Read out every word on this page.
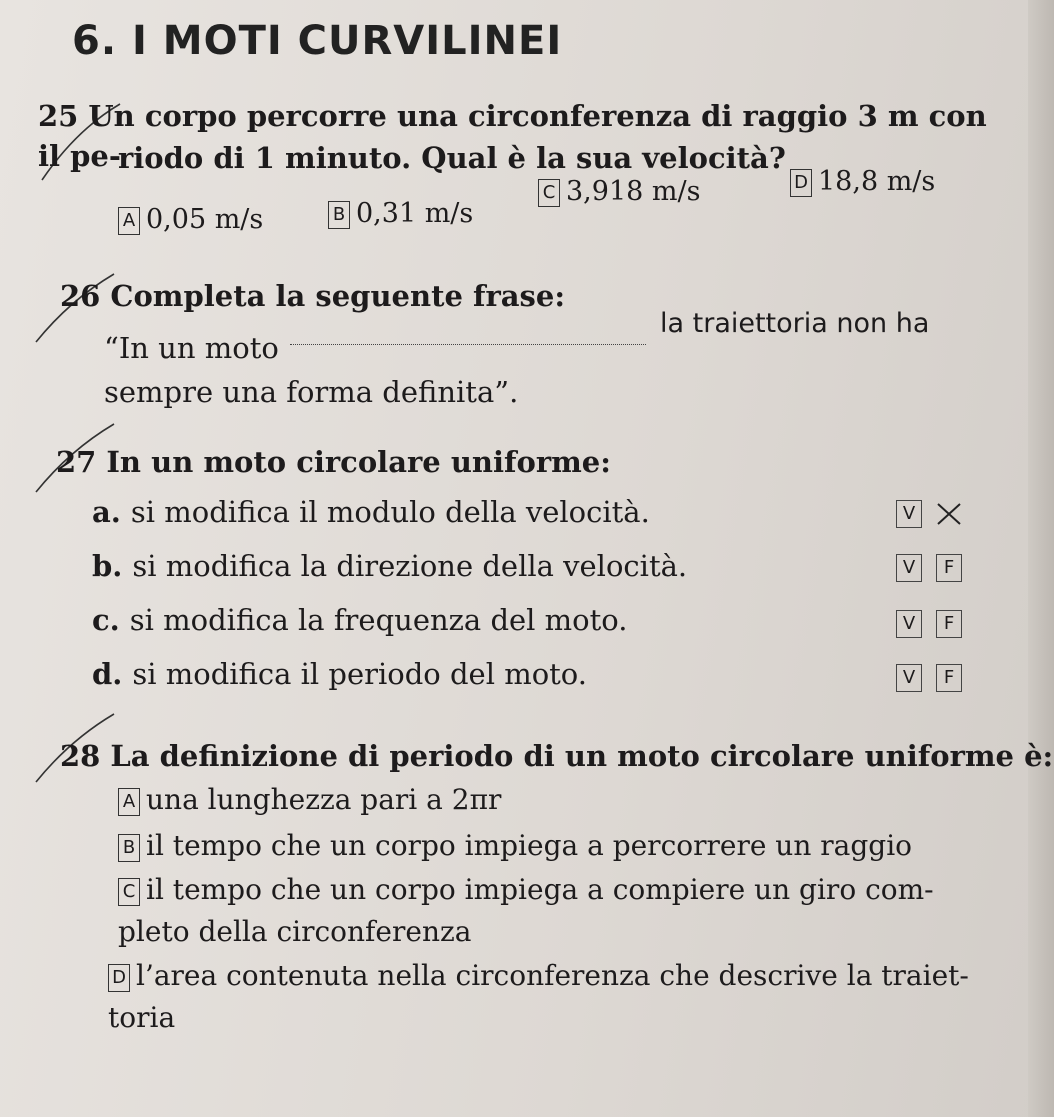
6. I MOTI CURVILINEI
25 Un corpo percorre una circonferenza di raggio 3 m con il pe-
riodo di 1 minuto. Qual è la sua velocità?
A 0,05 m/s	B 0,31 m/s
C 3,918 m/s	D 18,8 m/s
26 Completa la seguente frase:
“In un moto
la traiettoria non ha
sempre una forma definita”.
27 In un moto circolare uniforme:
a. si modifica il modulo della velocità.	V
b. si modifica la direzione della velocità.	V	F
c. si modifica la frequenza del moto.	V	F
d. si modifica il periodo del moto.	V	F
28 La definizione di periodo di un moto circolare uniforme è:
A una lunghezza pari a 2πr
B il tempo che un corpo impiega a percorrere un raggio
C il tempo che un corpo impiega a compiere un giro com-
pleto della circonferenza
D l’area contenuta nella circonferenza che descrive la traiet-
toria
